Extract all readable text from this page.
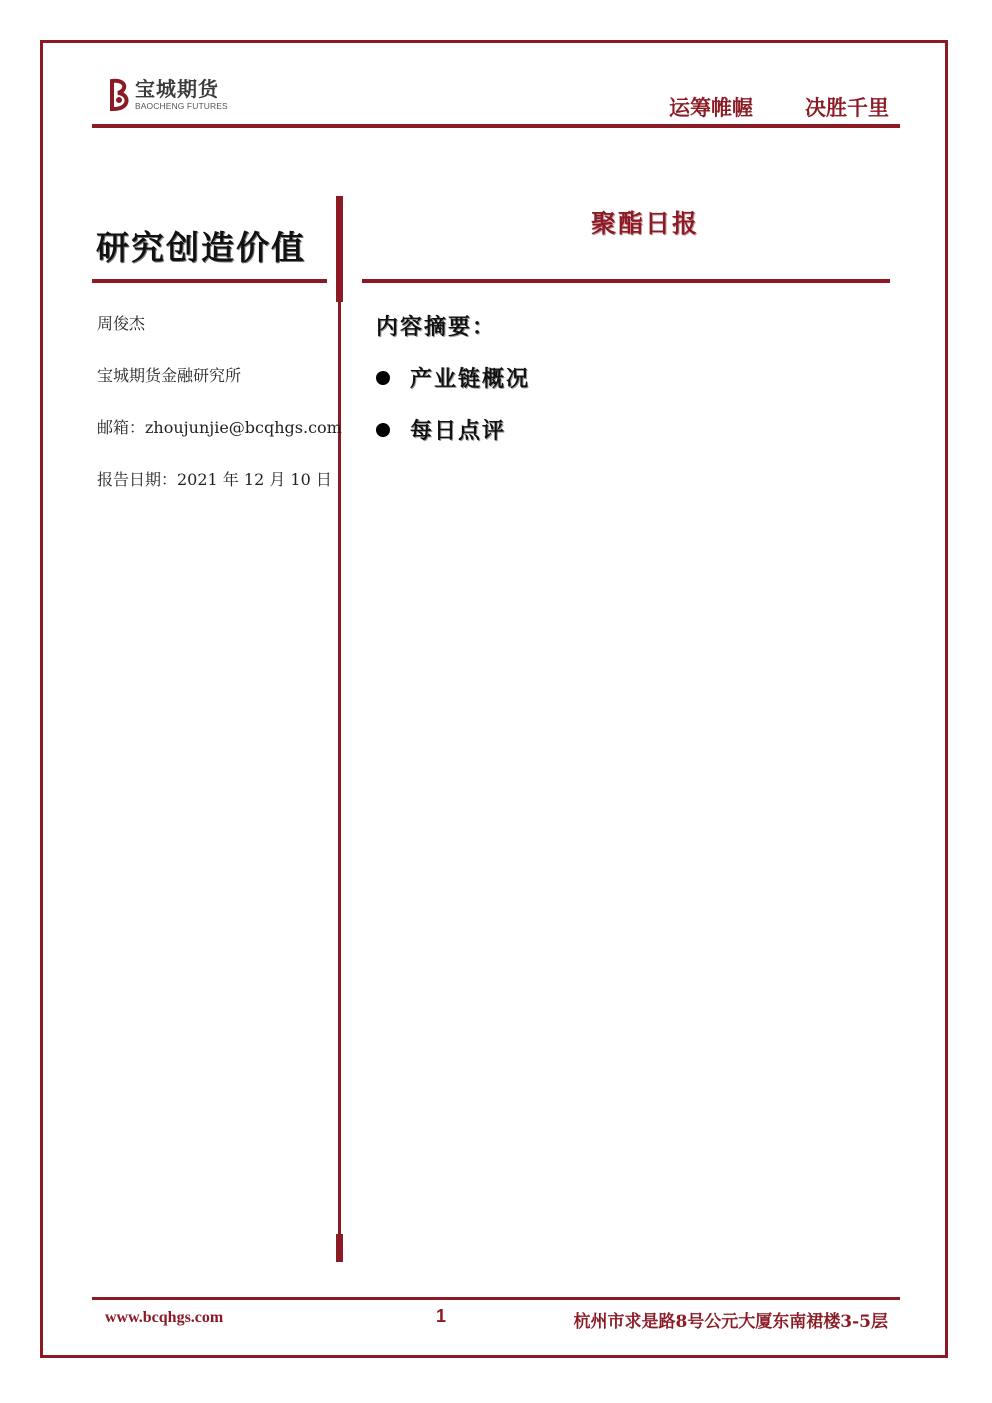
宝城期货
BAOCHENG FUTURES	运筹帷幄 决胜千里
研究创造价值
周俊杰
宝城期货金融研究所
邮箱：zhoujunjie@bcqhgs.com
报告日期：2021 年 12 月 10 日
聚酯日报
内容摘要：
产业链概况
每日点评
www.bcqhgs.com	1	杭州市求是路8号公元大厦东南裙楼3-5层
